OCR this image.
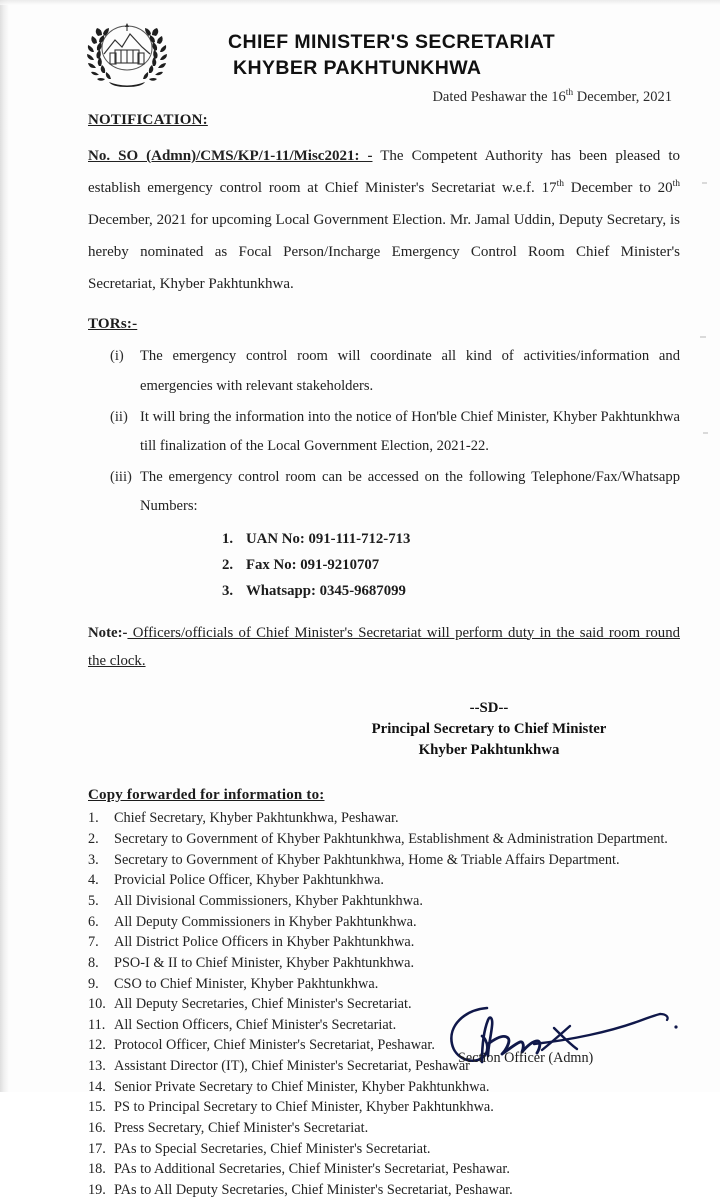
CHIEF MINISTER'S SECRETARIAT
KHYBER PAKHTUNKHWA
Dated Peshawar the 16th December, 2021
NOTIFICATION:

No. SO (Admn)/CMS/KP/1-11/Misc2021: - The Competent Authority has been pleased to establish emergency control room at Chief Minister's Secretariat w.e.f. 17th December to 20th December, 2021 for upcoming Local Government Election. Mr. Jamal Uddin, Deputy Secretary, is hereby nominated as Focal Person/Incharge Emergency Control Room Chief Minister's Secretariat, Khyber Pakhtunkhwa.

TORs:-
(i)	The emergency control room will coordinate all kind of activities/information and emergencies with relevant stakeholders.
(ii) It will bring the information into the notice of Hon'ble Chief Minister, Khyber Pakhtunkhwa till finalization of the Local Government Election, 2021-22.
(iii) The emergency control room can be accessed on the following Telephone/Fax/Whatsapp Numbers:
1. UAN No: 091-111-712-713
2. Fax No: 091-9210707
3. Whatsapp: 0345-9687099
Note:- Officers/officials of Chief Minister's Secretariat will perform duty in the said room round the clock.
--SD--
Principal Secretary to Chief Minister
Khyber Pakhtunkhwa
Copy forwarded for information to:
1.	Chief Secretary, Khyber Pakhtunkhwa, Peshawar.
2.	Secretary to Government of Khyber Pakhtunkhwa, Establishment & Administration Department.
3.	Secretary to Government of Khyber Pakhtunkhwa, Home & Triable Affairs Department.
4.	Provicial Police Officer, Khyber Pakhtunkhwa.
5.	All Divisional Commissioners, Khyber Pakhtunkhwa.
6.	All Deputy Commissioners in Khyber Pakhtunkhwa.
7.	All District Police Officers in Khyber Pakhtunkhwa.
8.	PSO-I & II to Chief Minister, Khyber Pakhtunkhwa.
9.	CSO to Chief Minister, Khyber Pakhtunkhwa.
10. All Deputy Secretaries, Chief Minister's Secretariat.
11. All Section Officers, Chief Minister's Secretariat.
12. Protocol Officer, Chief Minister's Secretariat, Peshawar.
13. Assistant Director (IT), Chief Minister's Secretariat, Peshawar
14. Senior Private Secretary to Chief Minister, Khyber Pakhtunkhwa.
15. PS to Principal Secretary to Chief Minister, Khyber Pakhtunkhwa.
16. Press Secretary, Chief Minister's Secretariat.
17. PAs to Special Secretaries, Chief Minister's Secretariat.
18. PAs to Additional Secretaries, Chief Minister's Secretariat, Peshawar.
19. PAs to All Deputy Secretaries, Chief Minister's Secretariat, Peshawar.
Section Officer (Admn)
